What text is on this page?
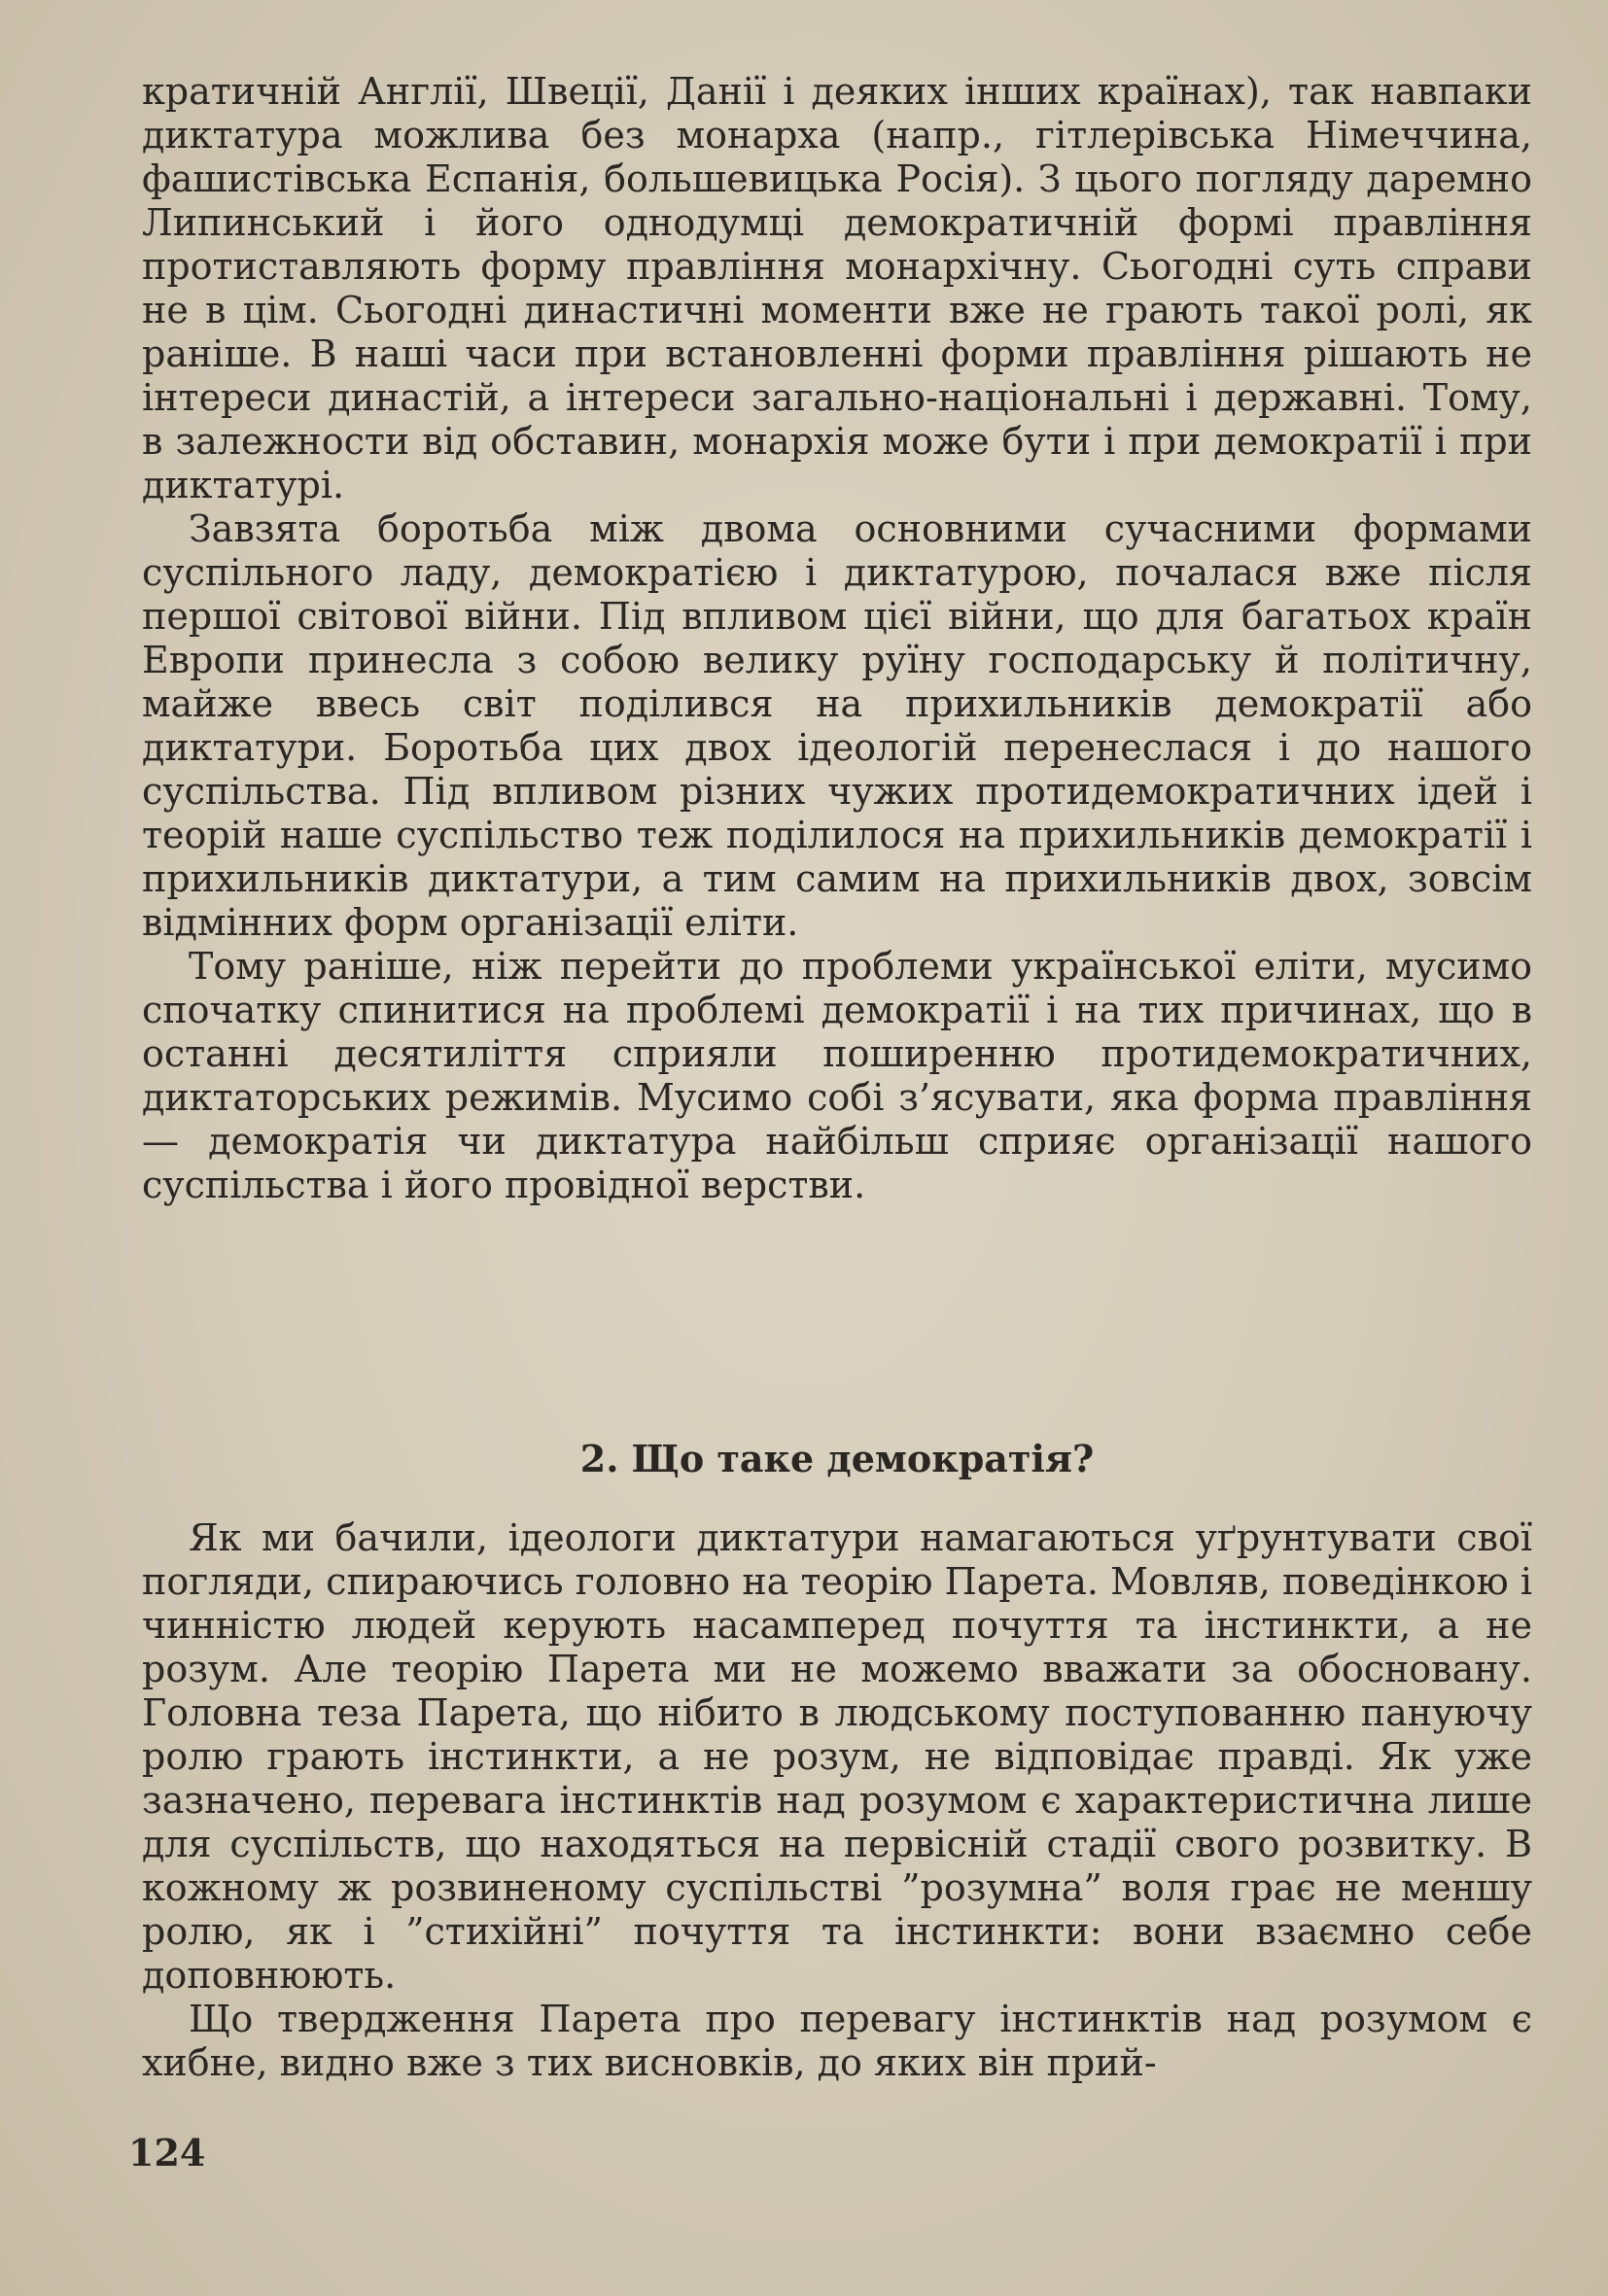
кратичній Англії, Швеції, Данії і деяких інших країнах), так навпаки диктатура можлива без монарха (напр., гітлерівська Німеччина, фашистівська Еспанія, большевицька Росія). З цього погляду даремно Липинський і його однодумці демократичній формі правління протиставляють форму правління монархічну. Сьогодні суть справи не в цім. Сьогодні династичні моменти вже не грають такої ролі, як раніше. В наші часи при встановленні форми правління рішають не інтереси династій, а інтереси загально-національні і державні. Тому, в залежности від обставин, монархія може бути і при демократії і при диктатурі.

Завзята боротьба між двома основними сучасними формами суспільного ладу, демократією і диктатурою, почалася вже після першої світової війни. Під впливом цієї війни, що для багатьох країн Европи принесла з собою велику руїну господарську й політичну, майже ввесь світ поділився на прихильників демократії або диктатури. Боротьба цих двох ідеологій перенеслася і до нашого суспільства. Під впливом різних чужих протидемократичних ідей і теорій наше суспільство теж поділилося на прихильників демократії і прихильників диктатури, а тим самим на прихильників двох, зовсім відмінних форм організації еліти.

Тому раніше, ніж перейти до проблеми української еліти, мусимо спочатку спинитися на проблемі демократії і на тих причинах, що в останні десятиліття сприяли поширенню протидемократичних, диктаторських режимів. Мусимо собі з’ясувати, яка форма правління — демократія чи диктатура найбільш сприяє організації нашого суспільства і його провідної верстви.

2. Що таке демократія?

Як ми бачили, ідеологи диктатури намагаються уґрунтувати свої погляди, спираючись головно на теорію Парета. Мовляв, поведінкою і чинністю людей керують насамперед почуття та інстинкти, а не розум. Але теорію Парета ми не можемо вважати за обосновану. Головна теза Парета, що нібито в людському поступованню пануючу ролю грають інстинкти, а не розум, не відповідає правді. Як уже зазначено, перевага інстинктів над розумом є характеристична лише для суспільств, що находяться на первісній стадії свого розвитку. В кожному ж розвиненому суспільстві ”розумна” воля грає не меншу ролю, як і ”стихійні” почуття та інстинкти: вони взаємно себе доповнюють.

Що твердження Парета про перевагу інстинктів над розумом є хибне, видно вже з тих висновків, до яких він прий-

124
